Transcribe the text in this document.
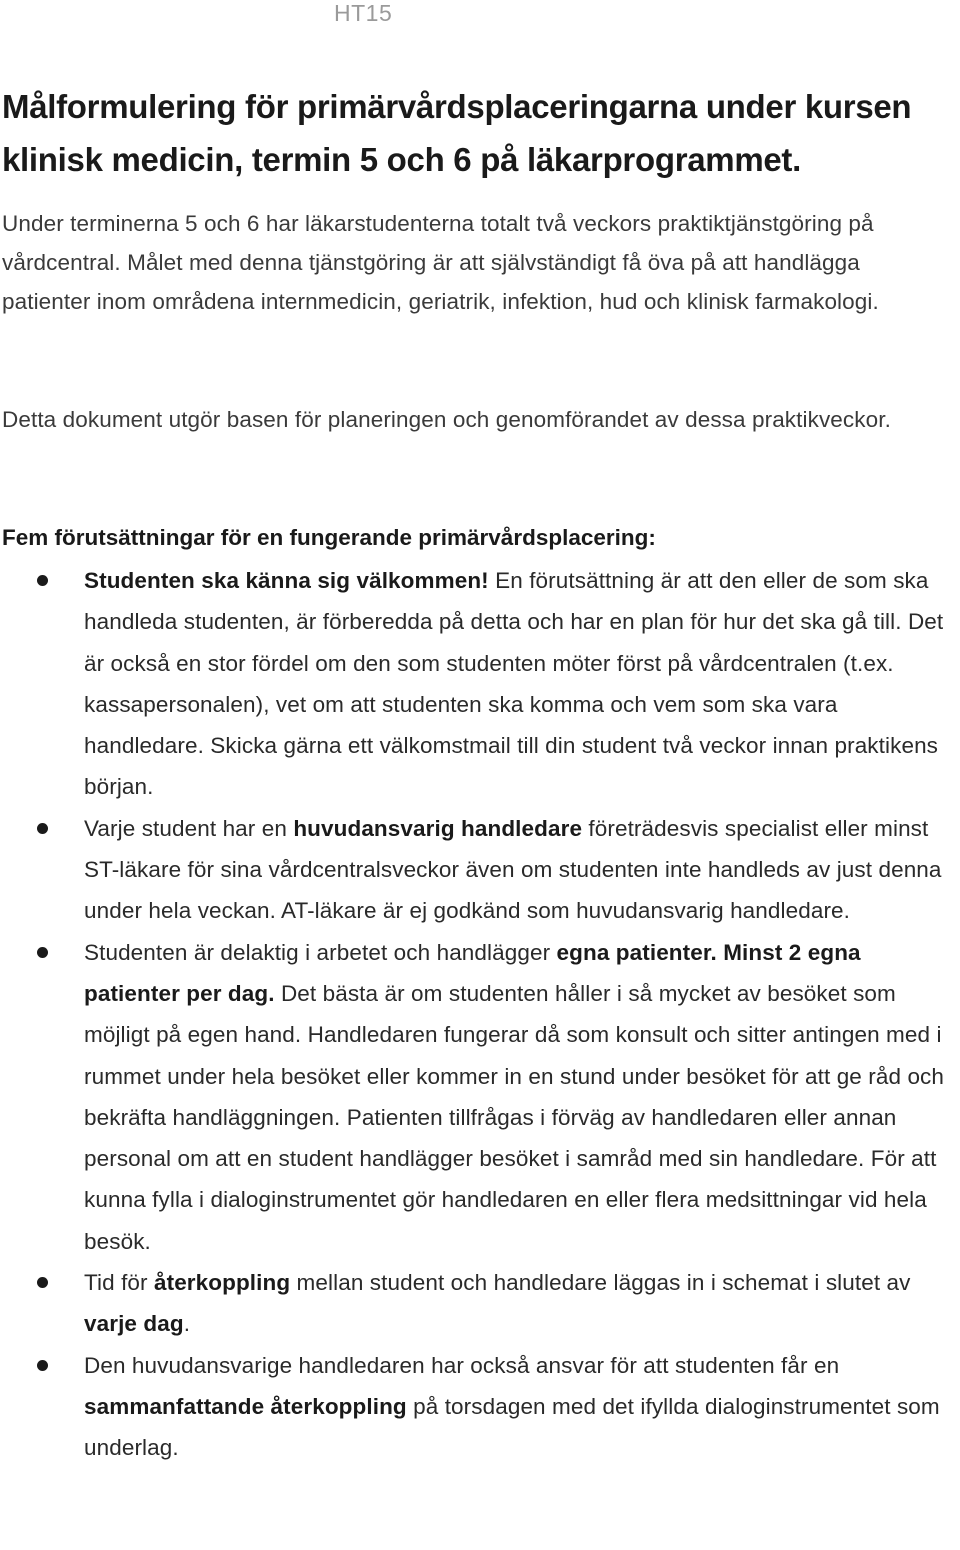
HT15
Målformulering för primärvårdsplaceringarna under kursen klinisk medicin, termin 5 och 6 på läkarprogrammet.

Under terminerna 5 och 6 har läkarstudenterna totalt två veckors praktiktjänstgöring på vårdcentral. Målet med denna tjänstgöring är att självständigt få öva på att handlägga patienter inom områdena internmedicin, geriatrik, infektion, hud och klinisk farmakologi.

Detta dokument utgör basen för planeringen och genomförandet av dessa praktikveckor.

Fem förutsättningar för en fungerande primärvårdsplacering:
Studenten ska känna sig välkommen! En förutsättning är att den eller de som ska handleda studenten, är förberedda på detta och har en plan för hur det ska gå till. Det är också en stor fördel om den som studenten möter först på vårdcentralen (t.ex. kassapersonalen), vet om att studenten ska komma och vem som ska vara handledare. Skicka gärna ett välkomstmail till din student två veckor innan praktikens början.
Varje student har en huvudansvarig handledare företrädesvis specialist eller minst ST-läkare för sina vårdcentralsveckor även om studenten inte handleds av just denna under hela veckan. AT-läkare är ej godkänd som huvudansvarig handledare.
Studenten är delaktig i arbetet och handlägger egna patienter. Minst 2 egna patienter per dag. Det bästa är om studenten håller i så mycket av besöket som möjligt på egen hand. Handledaren fungerar då som konsult och sitter antingen med i rummet under hela besöket eller kommer in en stund under besöket för att ge råd och bekräfta handläggningen. Patienten tillfrågas i förväg av handledaren eller annan personal om att en student handlägger besöket i samråd med sin handledare. För att kunna fylla i dialoginstrumentet gör handledaren en eller flera medsittningar vid hela besök.
Tid för återkoppling mellan student och handledare läggas in i schemat i slutet av varje dag.
Den huvudansvarige handledaren har också ansvar för att studenten får en sammanfattande återkoppling på torsdagen med det ifyllda dialoginstrumentet som underlag.
